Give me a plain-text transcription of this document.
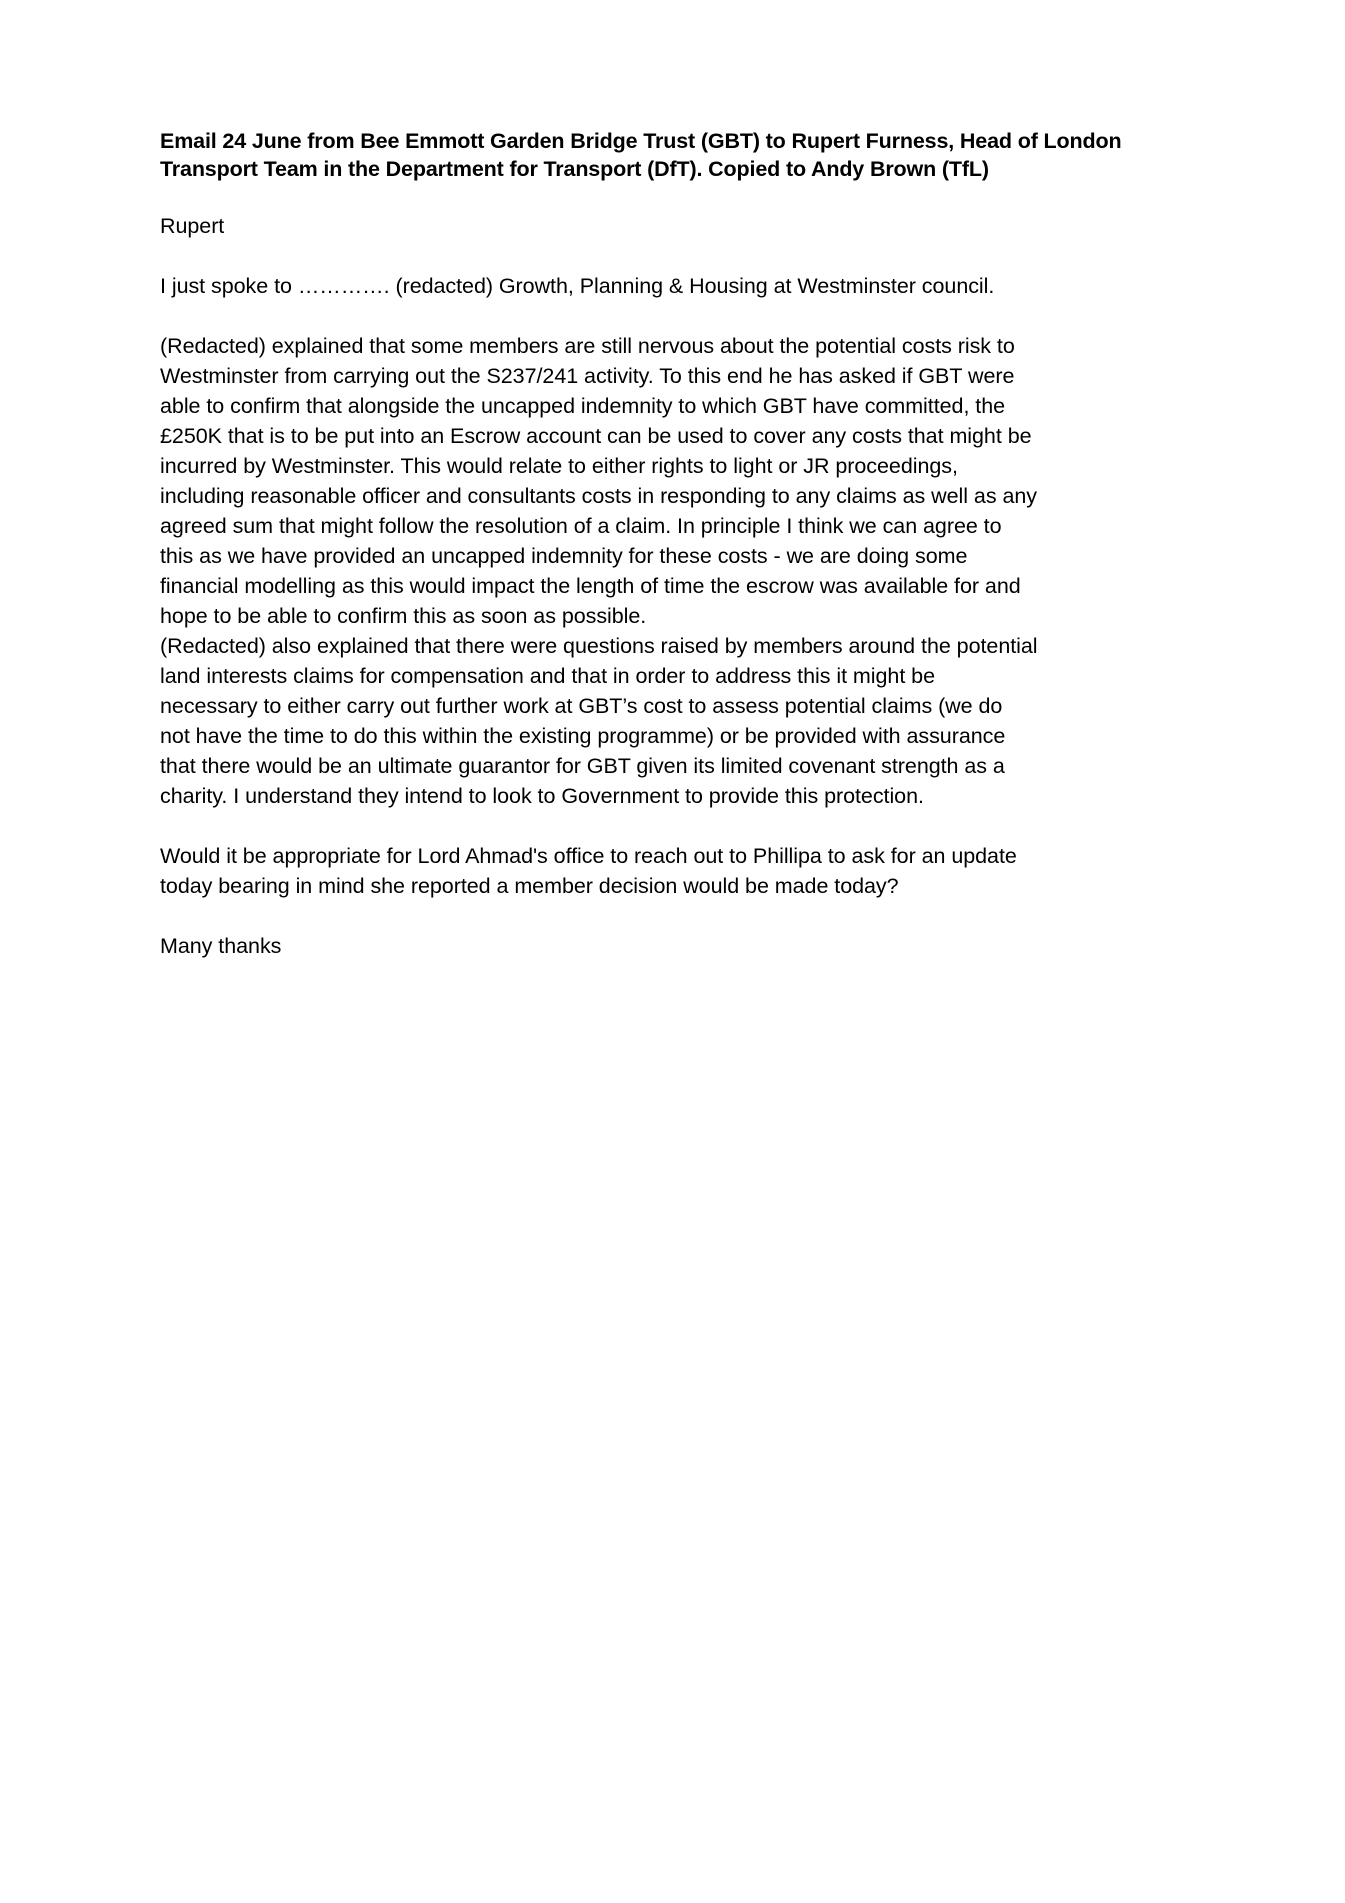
Email 24 June from Bee Emmott Garden Bridge Trust (GBT) to Rupert Furness, Head of London Transport Team in the Department for Transport (DfT). Copied to Andy Brown (TfL)
Rupert
I just spoke to …………. (redacted) Growth, Planning & Housing at Westminster council.
(Redacted) explained that some members are still nervous about the potential costs risk to
Westminster from carrying out the S237/241 activity. To this end he has asked if GBT were
able to confirm that alongside the uncapped indemnity to which GBT have committed, the
£250K that is to be put into an Escrow account can be used to cover any costs that might be
incurred by Westminster. This would relate to either rights to light or JR proceedings,
including reasonable officer and consultants costs in responding to any claims as well as any
agreed sum that might follow the resolution of a claim. In principle I think we can agree to
this as we have provided an uncapped indemnity for these costs - we are doing some
financial modelling as this would impact the length of time the escrow was available for and
hope to be able to confirm this as soon as possible.
(Redacted) also explained that there were questions raised by members around the potential
land interests claims for compensation and that in order to address this it might be
necessary to either carry out further work at GBT’s cost to assess potential claims (we do
not have the time to do this within the existing programme) or be provided with assurance
that there would be an ultimate guarantor for GBT given its limited covenant strength as a
charity. I understand they intend to look to Government to provide this protection.
Would it be appropriate for Lord Ahmad's office to reach out to Phillipa to ask for an update
today bearing in mind she reported a member decision would be made today?
Many thanks
